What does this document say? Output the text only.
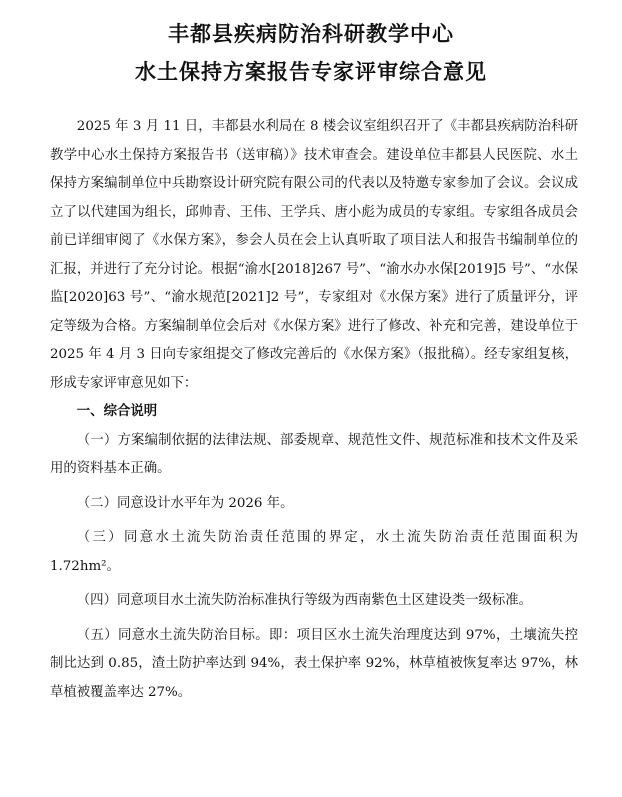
丰都县疾病防治科研教学中心
水土保持方案报告专家评审综合意见

2025 年 3 月 11 日，丰都县水利局在 8 楼会议室组织召开了《丰都县疾病防治科研教学中心水土保持方案报告书（送审稿）》技术审查会。建设单位丰都县人民医院、水土保持方案编制单位中兵勘察设计研究院有限公司的代表以及特邀专家参加了会议。会议成立了以代建国为组长，邱帅青、王伟、王学兵、唐小彪为成员的专家组。专家组各成员会前已详细审阅了《水保方案》，参会人员在会上认真听取了项目法人和报告书编制单位的汇报，并进行了充分讨论。根据“渝水[2018]267 号”、“渝水办水保[2019]5 号”、“水保监[2020]63 号”、“渝水规范[2021]2 号”，专家组对《水保方案》进行了质量评分，评定等级为合格。方案编制单位会后对《水保方案》进行了修改、补充和完善，建设单位于 2025 年 4 月 3 日向专家组提交了修改完善后的《水保方案》（报批稿）。经专家组复核，形成专家评审意见如下：

一、综合说明

（一）方案编制依据的法律法规、部委规章、规范性文件、规范标准和技术文件及采用的资料基本正确。

（二）同意设计水平年为 2026 年。

（三）同意水土流失防治责任范围的界定，水土流失防治责任范围面积为 1.72hm²。

（四）同意项目水土流失防治标准执行等级为西南紫色土区建设类一级标准。

（五）同意水土流失防治目标。即：项目区水土流失治理度达到 97%，土壤流失控制比达到 0.85，渣土防护率达到 94%，表土保护率 92%，林草植被恢复率达 97%，林草植被覆盖率达 27%。
